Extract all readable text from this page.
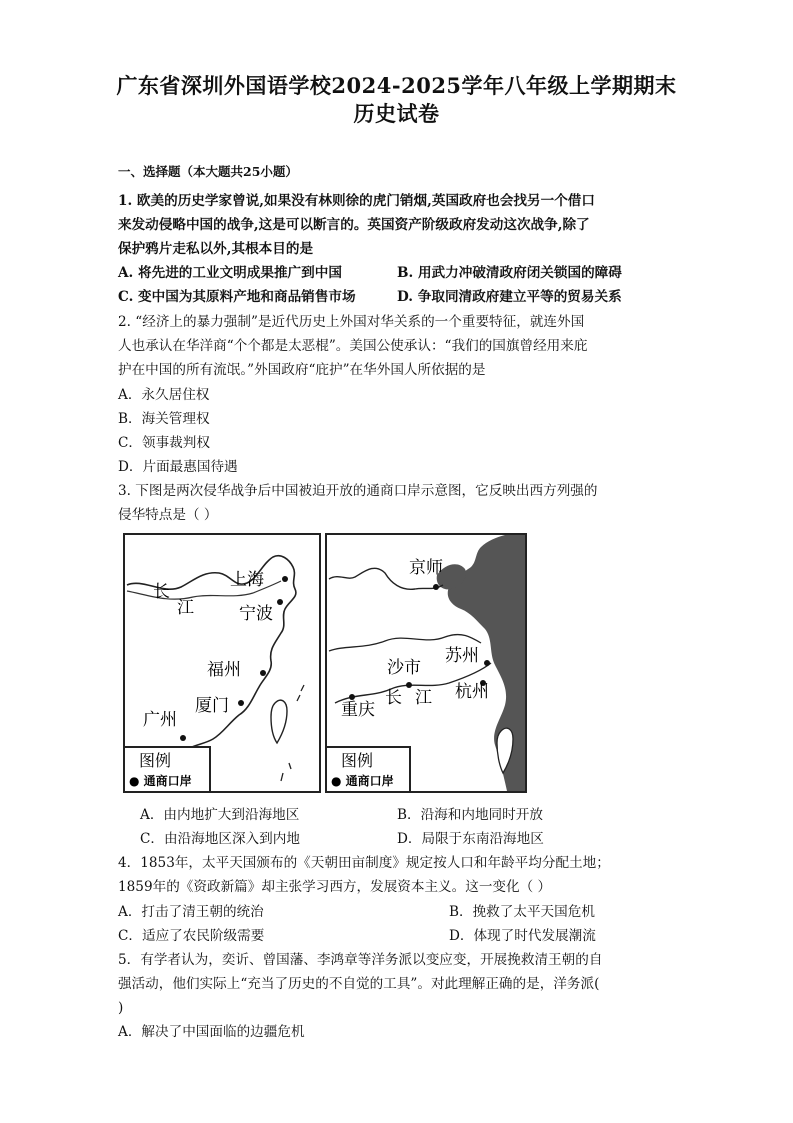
广东省深圳外国语学校2024-2025学年八年级上学期期末
历史试卷
一、选择题（本大题共25小题）
1. 欧美的历史学家曾说,如果没有林则徐的虎门销烟,英国政府也会找另一个借口
来发动侵略中国的战争,这是可以断言的。英国资产阶级政府发动这次战争,除了
保护鸦片走私以外,其根本目的是
A. 将先进的工业文明成果推广到中国	B. 用武力冲破清政府闭关锁国的障碍
C. 变中国为其原料产地和商品销售市场	D. 争取同清政府建立平等的贸易关系
2. “经济上的暴力强制”是近代历史上外国对华关系的一个重要特征，就连外国
人也承认在华洋商“个个都是太恶棍”。美国公使承认：“我们的国旗曾经用来庇
护在中国的所有流氓。”外国政府“庇护”在华外国人所依据的是
A．永久居住权
B．海关管理权
C．领事裁判权
D．片面最惠国待遇
3. 下图是两次侵华战争后中国被迫开放的通商口岸示意图，它反映出西方列强的
侵华特点是（ ）
长
江
上海
宁波
福州
厦门
广州
图例
● 通商口岸
京师
苏州
沙市
重庆
杭州
长 江
图例
● 通商口岸
A．由内地扩大到沿海地区	B．沿海和内地同时开放
C．由沿海地区深入到内地	D．局限于东南沿海地区
4．1853年，太平天国颁布的《天朝田亩制度》规定按人口和年龄平均分配土地；
1859年的《资政新篇》却主张学习西方，发展资本主义。这一变化（ ）
A．打击了清王朝的统治	B．挽救了太平天国危机
C．适应了农民阶级需要	D．体现了时代发展潮流
5．有学者认为，奕䜣、曾国藩、李鸿章等洋务派以变应变，开展挽救清王朝的自
强活动，他们实际上“充当了历史的不自觉的工具”。对此理解正确的是，洋务派(
)
A．解决了中国面临的边疆危机
